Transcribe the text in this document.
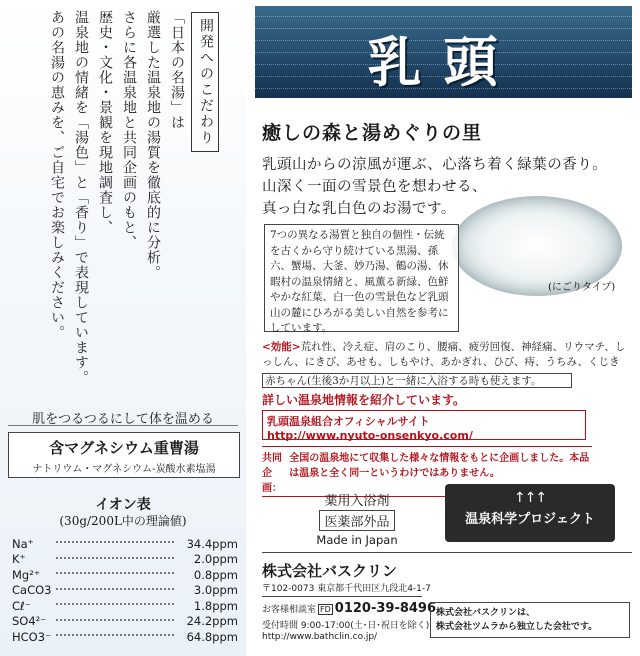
開発へのこだわり
「日本の名湯」は
厳選した温泉地の湯質を徹底的に分析。
さらに各温泉地と共同企画のもと、
歴史・文化・景観を現地調査し、
温泉地の情緒を「湯色」と「香り」で表現しています。
あの名湯の恵みを、ご自宅でお楽しみください。
肌をつるつるにして体を温める
含マグネシウム重曹湯
ナトリウム・マグネシウム-炭酸水素塩湯
イオン表
(30g/200L中の理論値)
Na⁺	34.4ppm
K⁺	2.0ppm
Mg²⁺	0.8ppm
CaCO3	3.0ppm
Cℓ⁻	1.8ppm
SO4²⁻	24.2ppm
HCO3⁻	64.8ppm
乳頭
癒しの森と湯めぐりの里
乳頭山からの涼風が運ぶ、心落ち着く緑葉の香り。
山深く一面の雪景色を想わせる、
真っ白な乳白色のお湯です。
(にごりタイプ)
7つの異なる湯質と独自の個性・伝統を古くから守り続けている黒湯、孫六、蟹場、大釜、妙乃湯、鶴の湯、休暇村の温泉情緒と、風薫る新緑、色鮮やかな紅葉、白一色の雪景色など乳頭山の麓にひろがる美しい自然を参考にしています。
<効能>荒れ性、冷え症、肩のこり、腰痛、疲労回復、神経痛、リウマチ、しっしん、にきび、あせも、しもやけ、あかぎれ、ひび、痔、うちみ、くじき
赤ちゃん(生後3か月以上)と一緒に入浴する時も使えます。
詳しい温泉地情報を紹介しています。
乳頭温泉組合オフィシャルサイト
http://www.nyuto-onsenkyo.com/
共同企画：
全国の温泉地にて収集した様々な情報をもとに企画しました。本品は温泉と全く同一というわけではありません。
薬用入浴剤
医薬部外品
Made in Japan
↑↑↑
温泉科学プロジェクト
株式会社バスクリン
〒102-0073 東京都千代田区九段北4-1-7
お客様相談室 FD 0120-39-8496
受付時間 9:00-17:00(土･日･祝日を除く)
http://www.bathclin.co.jp/
株式会社バスクリンは、
株式会社ツムラから独立した会社です。
